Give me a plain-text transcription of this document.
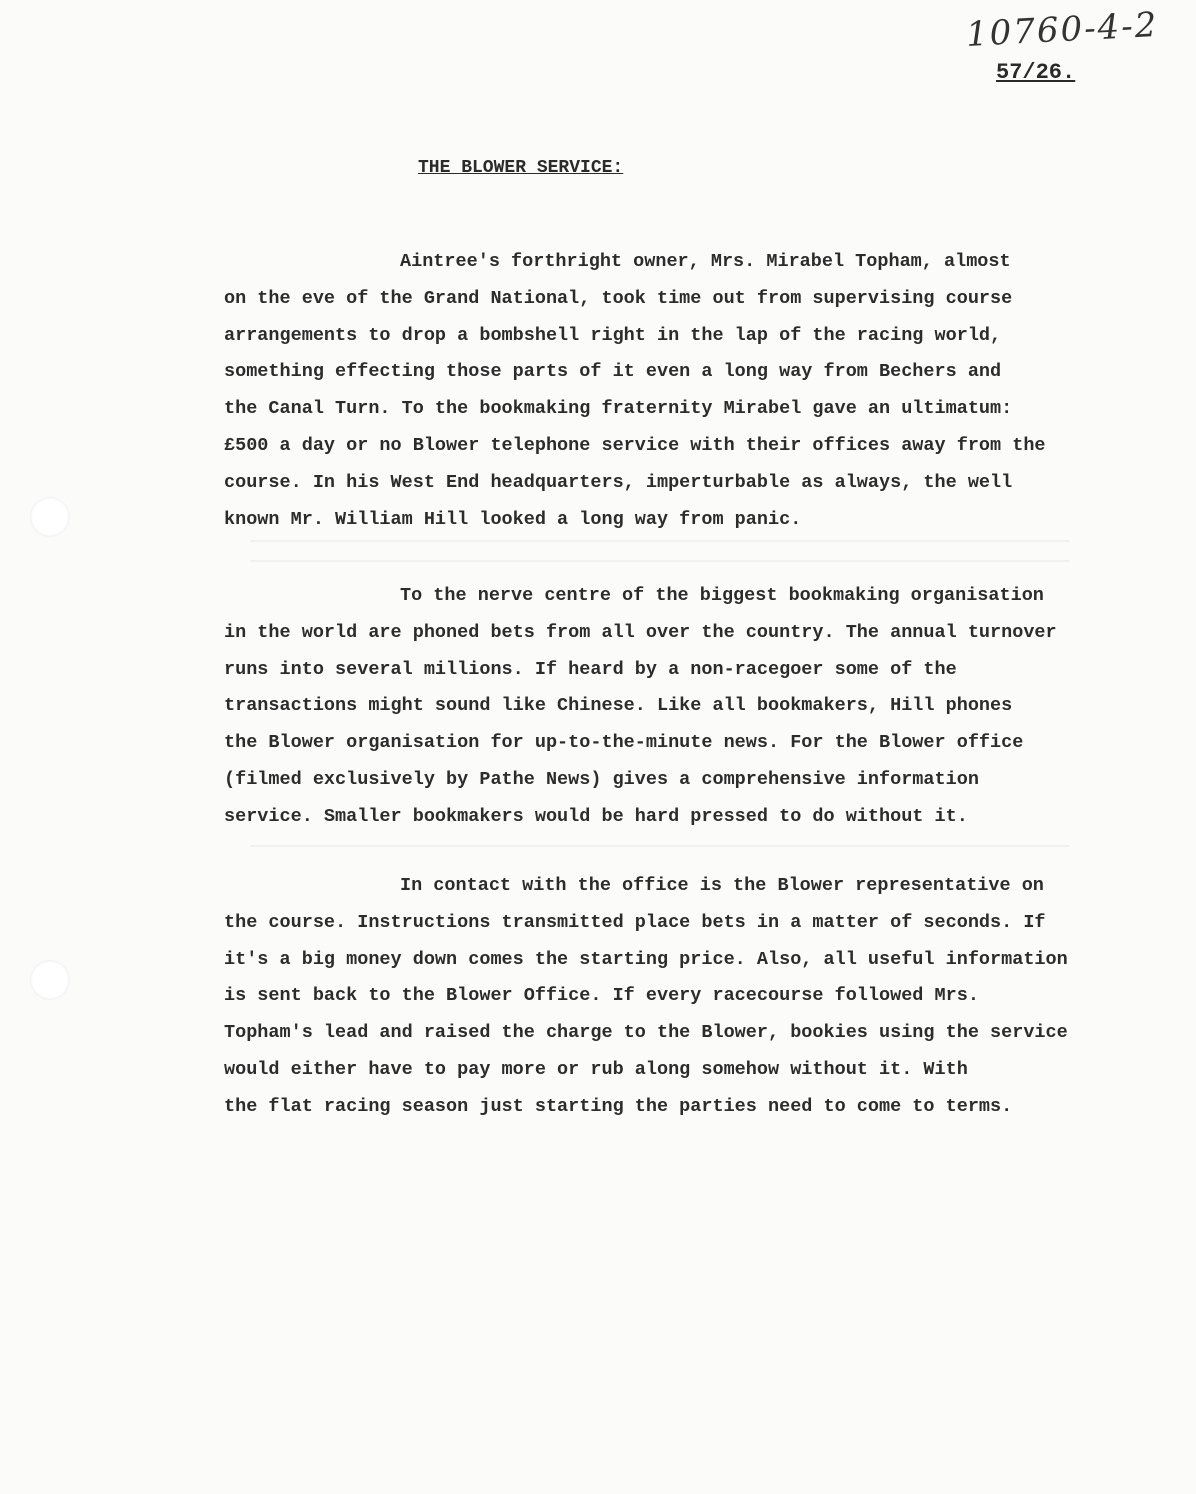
10760-4-2
57/26.
THE BLOWER SERVICE:
Aintree's forthright owner, Mrs. Mirabel Topham, almost
on the eve of the Grand National, took time out from supervising course
arrangements to drop a bombshell right in the lap of the racing world,
something effecting those parts of it even a long way from Bechers and
the Canal Turn. To the bookmaking fraternity Mirabel gave an ultimatum:
£500 a day or no Blower telephone service with their offices away from the
course. In his West End headquarters, imperturbable as always, the well
known Mr. William Hill looked a long way from panic.
To the nerve centre of the biggest bookmaking organisation
in the world are phoned bets from all over the country. The annual turnover
runs into several millions. If heard by a non-racegoer some of the
transactions might sound like Chinese. Like all bookmakers, Hill phones
the Blower organisation for up-to-the-minute news. For the Blower office
(filmed exclusively by Pathe News) gives a comprehensive information
service. Smaller bookmakers would be hard pressed to do without it.
In contact with the office is the Blower representative on
the course. Instructions transmitted place bets in a matter of seconds. If
it's a big money down comes the starting price. Also, all useful information
is sent back to the Blower Office. If every racecourse followed Mrs.
Topham's lead and raised the charge to the Blower, bookies using the service
would either have to pay more or rub along somehow without it. With
the flat racing season just starting the parties need to come to terms.
